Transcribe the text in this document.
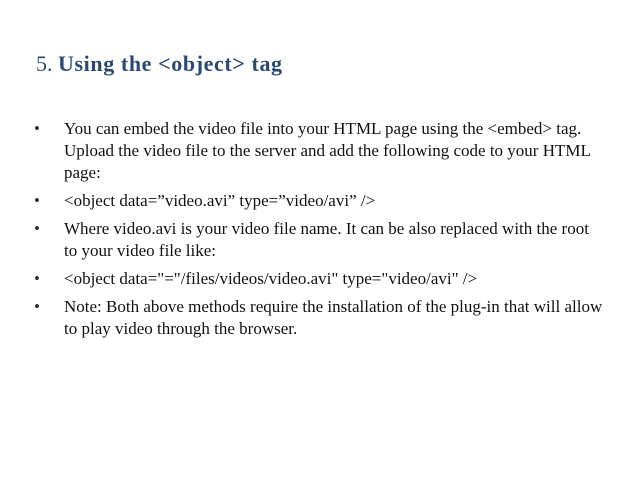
5. Using the <object> tag
•	You can embed the video file into your HTML page using the <embed> tag. Upload the video file to the server and add the following code to your HTML page:
•	<object data=”video.avi” type=”video/avi” />
•	Where video.avi is your video file name. It can be also replaced with the root to your video file like:
•	<object data="="/files/videos/video.avi" type="video/avi" />
•	Note: Both above methods require the installation of the plug-in that will allow to play video through the browser.
